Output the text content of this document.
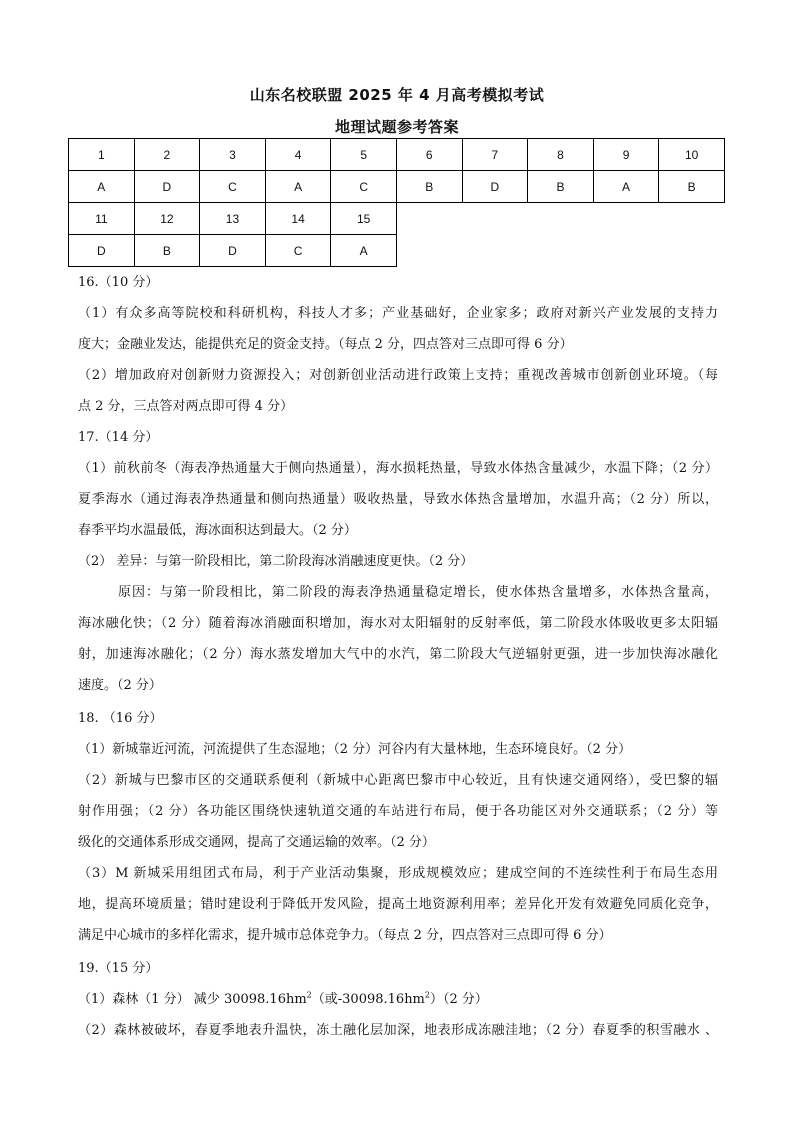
山东名校联盟 2025 年 4 月高考模拟考试
地理试题参考答案
1	2	3	4	5	6	7	8	9	10
A	D	C	A	C	B	D	B	A	B
11	12	13	14	15
D	B	D	C	A
16.（10 分）
（1）有众多高等院校和科研机构，科技人才多；产业基础好，企业家多；政府对新兴产业发展的支持力
度大；金融业发达，能提供充足的资金支持。（每点 2 分，四点答对三点即可得 6 分）
（2）增加政府对创新财力资源投入；对创新创业活动进行政策上支持；重视改善城市创新创业环境。（每
点 2 分，三点答对两点即可得 4 分）
17.（14 分）
（1）前秋前冬（海表净热通量大于侧向热通量），海水损耗热量，导致水体热含量减少，水温下降；（2 分）
夏季海水（通过海表净热通量和侧向热通量）吸收热量，导致水体热含量增加，水温升高；（2 分）所以，
春季平均水温最低，海冰面积达到最大。（2 分）
（2） 差异：与第一阶段相比，第二阶段海冰消融速度更快。（2 分）
原因：与第一阶段相比，第二阶段的海表净热通量稳定增长，使水体热含量增多，水体热含量高，
海冰融化快；（2 分）随着海冰消融面积增加，海水对太阳辐射的反射率低，第二阶段水体吸收更多太阳辐
射，加速海冰融化；（2 分）海水蒸发增加大气中的水汽，第二阶段大气逆辐射更强，进一步加快海冰融化
速度。（2 分）
18. （16 分）
（1）新城靠近河流，河流提供了生态湿地；（2 分）河谷内有大量林地，生态环境良好。（2 分）
（2）新城与巴黎市区的交通联系便利（新城中心距离巴黎市中心较近，且有快速交通网络），受巴黎的辐
射作用强；（2 分）各功能区围绕快速轨道交通的车站进行布局，便于各功能区对外交通联系；（2 分）等
级化的交通体系形成交通网，提高了交通运输的效率。（2 分）
（3）M 新城采用组团式布局，利于产业活动集聚，形成规模效应；建成空间的不连续性利于布局生态用
地，提高环境质量；错时建设利于降低开发风险，提高土地资源利用率；差异化开发有效避免同质化竞争，
满足中心城市的多样化需求，提升城市总体竞争力。（每点 2 分，四点答对三点即可得 6 分）
19.（15 分）
（1）森林（1 分） 减少 $30098.16hm^2$（或$-30098.16hm^2)(2$ 分）
（2）森林被破坏，春夏季地表升温快，冻土融化层加深，地表形成冻融洼地；（2 分）春夏季的积雪融水 、
